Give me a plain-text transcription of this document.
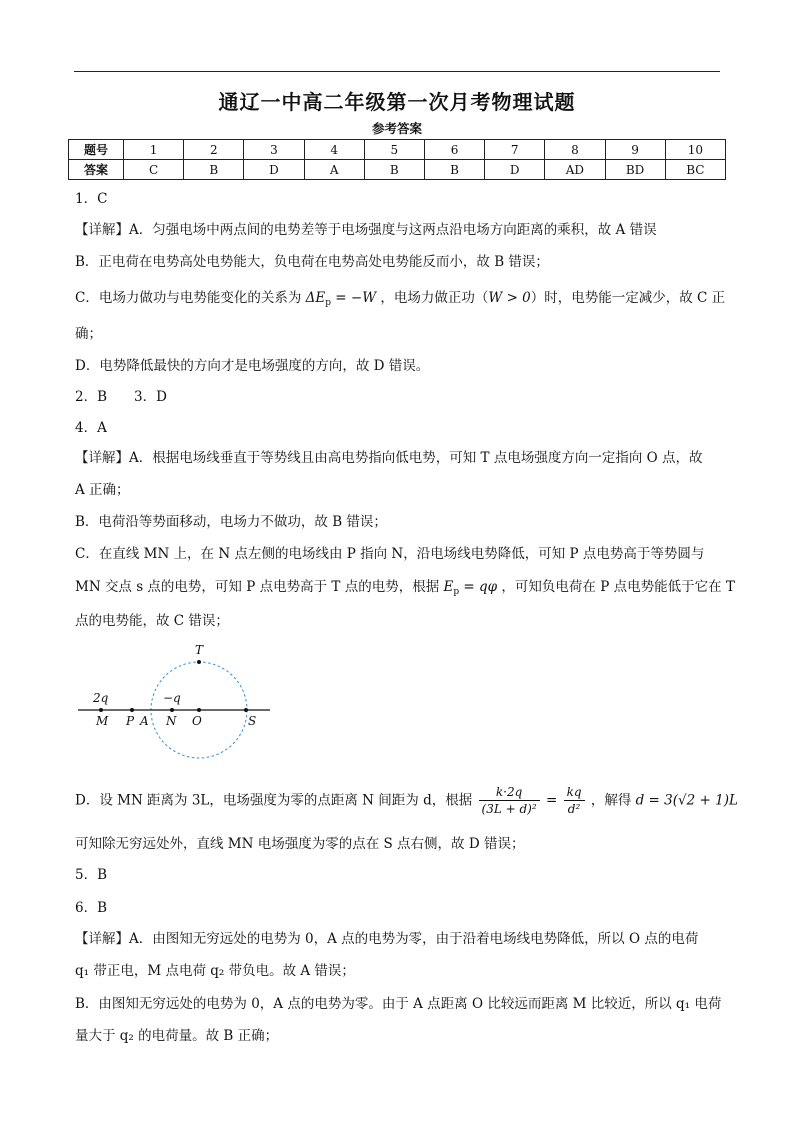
通辽一中高二年级第一次月考物理试题
参考答案
题号	1	2	3	4	5	6	7	8	9	10
答案	C	B	D	A	B	B	D	AD	BD	BC
1．C
【详解】A．匀强电场中两点间的电势差等于电场强度与这两点沿电场方向距离的乘积，故 A 错误
B．正电荷在电势高处电势能大，负电荷在电势高处电势能反而小，故 B 错误；
C．电场力做功与电势能变化的关系为 $\Delta E_p = -W$ ，电场力做正功（W > 0）时，电势能一定减少，故 C 正
确；
D．电势降低最快的方向才是电场强度的方向，故 D 错误。
2．B　　3．D
4．A
【详解】A．根据电场线垂直于等势线且由高电势指向低电势，可知 T 点电场强度方向一定指向 O 点，故
A 正确；
B．电荷沿等势面移动，电场力不做功，故 B 错误；
C．在直线 MN 上，在 N 点左侧的电场线由 P 指向 N，沿电场线电势降低，可知 P 点电势高于等势圆与
MN 交点 s 点的电势，可知 P 点电势高于 T 点的电势，根据 $E_p = q\varphi$ ，可知负电荷在 P 点电势能低于它在 T
点的电势能，故 C 错误；
T
2q	−q
M P A N O	S
D．设 MN 距离为 3L，电场强度为零的点距离 N 间距为 d，根据 $\frac{k\cdot 2q}{\text{(3L + d)²}} = \frac{kq}{\text{d²}}$ ，解得 d = 3(√2 + 1)L
可知除无穷远处外，直线 MN 电场强度为零的点在 S 点右侧，故 D 错误；
5．B
6．B
【详解】A．由图知无穷远处的电势为 0，A 点的电势为零，由于沿着电场线电势降低，所以 O 点的电荷
q₁ 带正电，M 点电荷 q₂ 带负电。故 A 错误；
B．由图知无穷远处的电势为 0，A 点的电势为零。由于 A 点距离 O 比较远而距离 M 比较近，所以 q₁ 电荷
量大于 q₂ 的电荷量。故 B 正确；
